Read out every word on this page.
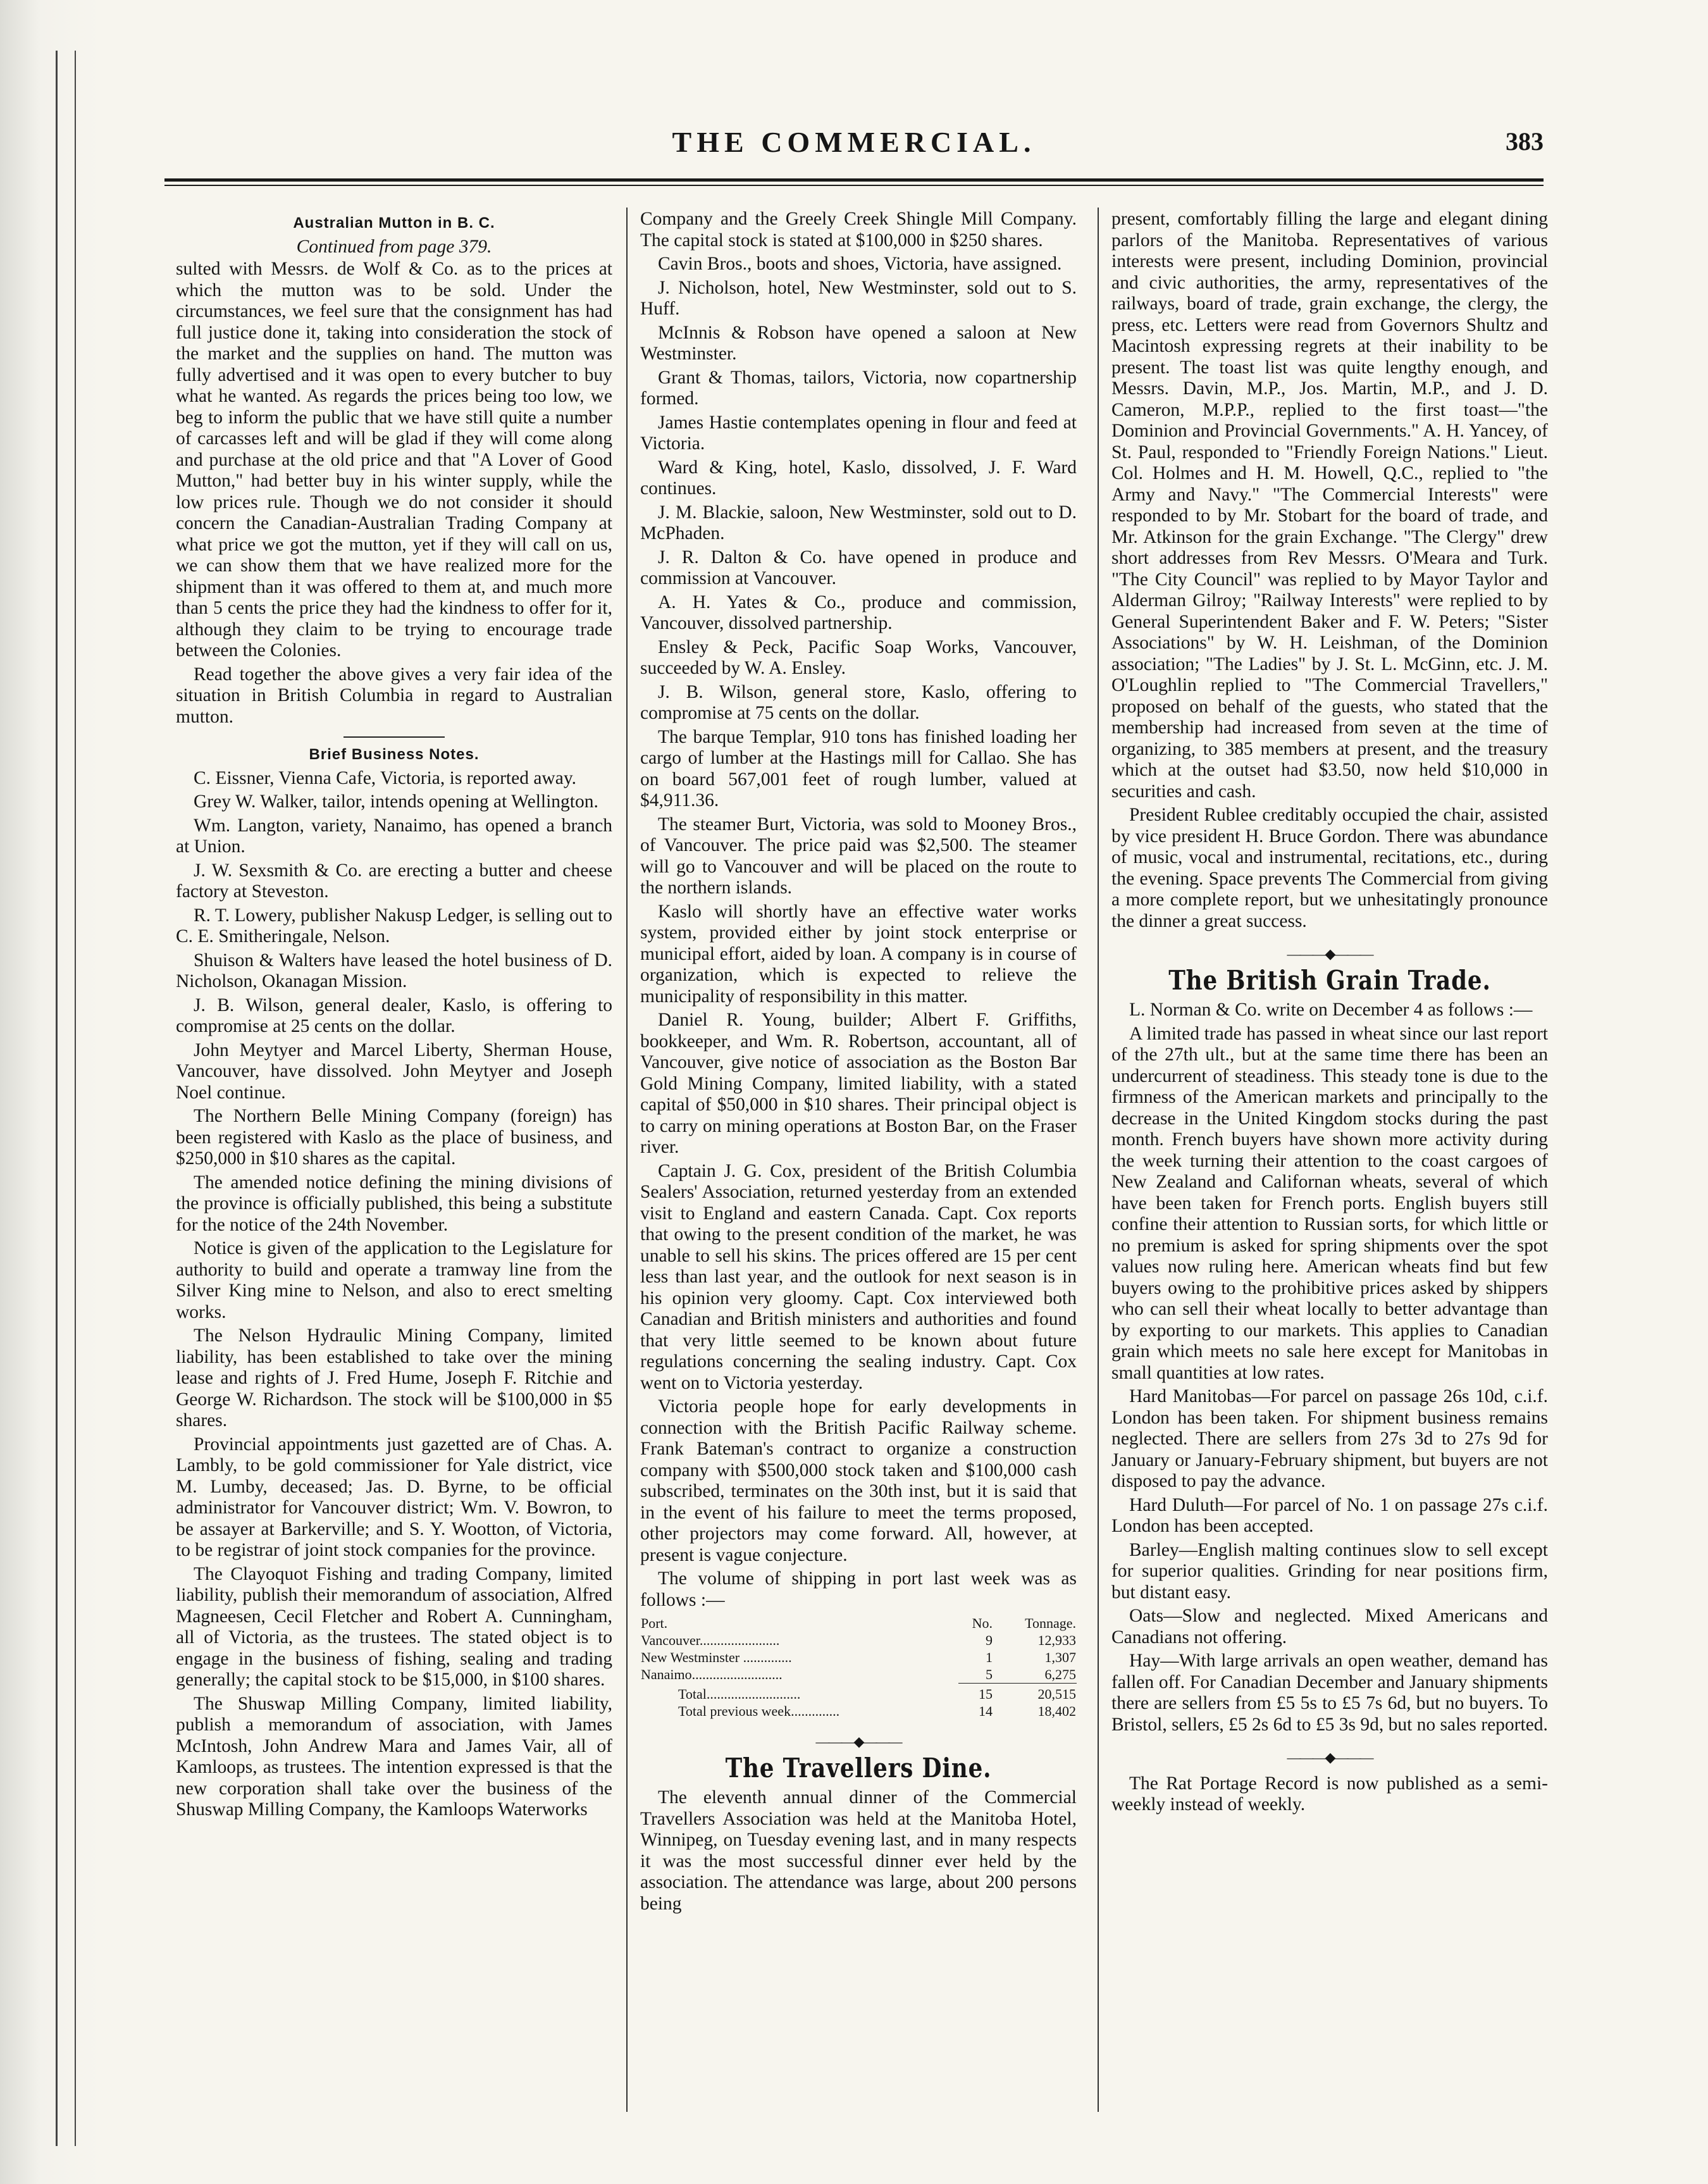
THE COMMERCIAL.	383
Australian Mutton in B. C.
Continued from page 379.

sulted with Messrs. de Wolf & Co. as to the prices at which the mutton was to be sold. Under the circumstances, we feel sure that the consignment has had full justice done it, taking into consideration the stock of the market and the supplies on hand. The mutton was fully advertised and it was open to every butcher to buy what he wanted. As regards the prices being too low, we beg to inform the public that we have still quite a number of carcasses left and will be glad if they will come along and purchase at the old price and that "A Lover of Good Mutton," had better buy in his winter supply, while the low prices rule. Though we do not consider it should concern the Canadian-Australian Trading Company at what price we got the mutton, yet if they will call on us, we can show them that we have realized more for the shipment than it was offered to them at, and much more than 5 cents the price they had the kindness to offer for it, although they claim to be trying to encourage trade between the Colonies.

Read together the above gives a very fair idea of the situation in British Columbia in regard to Australian mutton.

Brief Business Notes.

C. Eissner, Vienna Cafe, Victoria, is reported away.

Grey W. Walker, tailor, intends opening at Wellington.

Wm. Langton, variety, Nanaimo, has opened a branch at Union.

J. W. Sexsmith & Co. are erecting a butter and cheese factory at Steveston.

R. T. Lowery, publisher Nakusp Ledger, is selling out to C. E. Smitheringale, Nelson.

Shuison & Walters have leased the hotel business of D. Nicholson, Okanagan Mission.

J. B. Wilson, general dealer, Kaslo, is offering to compromise at 25 cents on the dollar.

John Meytyer and Marcel Liberty, Sherman House, Vancouver, have dissolved. John Meytyer and Joseph Noel continue.

The Northern Belle Mining Company (foreign) has been registered with Kaslo as the place of business, and $250,000 in $10 shares as the capital.

The amended notice defining the mining divisions of the province is officially published, this being a substitute for the notice of the 24th November.

Notice is given of the application to the Legislature for authority to build and operate a tramway line from the Silver King mine to Nelson, and also to erect smelting works.

The Nelson Hydraulic Mining Company, limited liability, has been established to take over the mining lease and rights of J. Fred Hume, Joseph F. Ritchie and George W. Richardson. The stock will be $100,000 in $5 shares.

Provincial appointments just gazetted are of Chas. A. Lambly, to be gold commissioner for Yale district, vice M. Lumby, deceased; Jas. D. Byrne, to be official administrator for Vancouver district; Wm. V. Bowron, to be assayer at Barkerville; and S. Y. Wootton, of Victoria, to be registrar of joint stock companies for the province.

The Clayoquot Fishing and trading Company, limited liability, publish their memorandum of association, Alfred Magneesen, Cecil Fletcher and Robert A. Cunningham, all of Victoria, as the trustees. The stated object is to engage in the business of fishing, sealing and trading generally; the capital stock to be $15,000, in $100 shares.

The Shuswap Milling Company, limited liability, publish a memorandum of association, with James McIntosh, John Andrew Mara and James Vair, all of Kamloops, as trustees. The intention expressed is that the new corporation shall take over the business of the Shuswap Milling Company, the Kamloops Waterworks

Company and the Greely Creek Shingle Mill Company. The capital stock is stated at $100,000 in $250 shares.

Cavin Bros., boots and shoes, Victoria, have assigned.

J. Nicholson, hotel, New Westminster, sold out to S. Huff.

McInnis & Robson have opened a saloon at New Westminster.

Grant & Thomas, tailors, Victoria, now copartnership formed.

James Hastie contemplates opening in flour and feed at Victoria.

Ward & King, hotel, Kaslo, dissolved, J. F. Ward continues.

J. M. Blackie, saloon, New Westminster, sold out to D. McPhaden.

J. R. Dalton & Co. have opened in produce and commission at Vancouver.

A. H. Yates & Co., produce and commission, Vancouver, dissolved partnership.

Ensley & Peck, Pacific Soap Works, Vancouver, succeeded by W. A. Ensley.

J. B. Wilson, general store, Kaslo, offering to compromise at 75 cents on the dollar.

The barque Templar, 910 tons has finished loading her cargo of lumber at the Hastings mill for Callao. She has on board 567,001 feet of rough lumber, valued at $4,911.36.

The steamer Burt, Victoria, was sold to Mooney Bros., of Vancouver. The price paid was $2,500. The steamer will go to Vancouver and will be placed on the route to the northern islands.

Kaslo will shortly have an effective water works system, provided either by joint stock enterprise or municipal effort, aided by loan. A company is in course of organization, which is expected to relieve the municipality of responsibility in this matter.

Daniel R. Young, builder; Albert F. Griffiths, bookkeeper, and Wm. R. Robertson, accountant, all of Vancouver, give notice of association as the Boston Bar Gold Mining Company, limited liability, with a stated capital of $50,000 in $10 shares. Their principal object is to carry on mining operations at Boston Bar, on the Fraser river.

Captain J. G. Cox, president of the British Columbia Sealers' Association, returned yesterday from an extended visit to England and eastern Canada. Capt. Cox reports that owing to the present condition of the market, he was unable to sell his skins. The prices offered are 15 per cent less than last year, and the outlook for next season is in his opinion very gloomy. Capt. Cox interviewed both Canadian and British ministers and authorities and found that very little seemed to be known about future regulations concerning the sealing industry. Capt. Cox went on to Victoria yesterday.

Victoria people hope for early developments in connection with the British Pacific Railway scheme. Frank Bateman's contract to organize a construction company with $500,000 stock taken and $100,000 cash subscribed, terminates on the 30th inst, but it is said that in the event of his failure to meet the terms proposed, other projectors may come forward. All, however, at present is vague conjecture.

The volume of shipping in port last week was as follows :—

Port.	No.	Tonnage.
Vancouver.......................	9	12,933
New Westminster ..............	1	1,307
Nanaimo..........................	5	6,275
Total...........................	15	20,515
Total previous week..............	14	18,402
———◆———
The Travellers Dine.

The eleventh annual dinner of the Commercial Travellers Association was held at the Manitoba Hotel, Winnipeg, on Tuesday evening last, and in many respects it was the most successful dinner ever held by the association. The attendance was large, about 200 persons being

present, comfortably filling the large and elegant dining parlors of the Manitoba. Representatives of various interests were present, including Dominion, provincial and civic authorities, the army, representatives of the railways, board of trade, grain exchange, the clergy, the press, etc. Letters were read from Governors Shultz and Macintosh expressing regrets at their inability to be present. The toast list was quite lengthy enough, and Messrs. Davin, M.P., Jos. Martin, M.P., and J. D. Cameron, M.P.P., replied to the first toast—"the Dominion and Provincial Governments." A. H. Yancey, of St. Paul, responded to "Friendly Foreign Nations." Lieut. Col. Holmes and H. M. Howell, Q.C., replied to "the Army and Navy." "The Commercial Interests" were responded to by Mr. Stobart for the board of trade, and Mr. Atkinson for the grain Exchange. "The Clergy" drew short addresses from Rev Messrs. O'Meara and Turk. "The City Council" was replied to by Mayor Taylor and Alderman Gilroy; "Railway Interests" were replied to by General Superintendent Baker and F. W. Peters; "Sister Associations" by W. H. Leishman, of the Dominion association; "The Ladies" by J. St. L. McGinn, etc. J. M. O'Loughlin replied to "The Commercial Travellers," proposed on behalf of the guests, who stated that the membership had increased from seven at the time of organizing, to 385 members at present, and the treasury which at the outset had $3.50, now held $10,000 in securities and cash.

President Rublee creditably occupied the chair, assisted by vice president H. Bruce Gordon. There was abundance of music, vocal and instrumental, recitations, etc., during the evening. Space prevents The Commercial from giving a more complete report, but we unhesitatingly pronounce the dinner a great success.

———◆———
The British Grain Trade.

L. Norman & Co. write on December 4 as follows :—

A limited trade has passed in wheat since our last report of the 27th ult., but at the same time there has been an undercurrent of steadiness. This steady tone is due to the firmness of the American markets and principally to the decrease in the United Kingdom stocks during the past month. French buyers have shown more activity during the week turning their attention to the coast cargoes of New Zealand and Californan wheats, several of which have been taken for French ports. English buyers still confine their attention to Russian sorts, for which little or no premium is asked for spring shipments over the spot values now ruling here. American wheats find but few buyers owing to the prohibitive prices asked by shippers who can sell their wheat locally to better advantage than by exporting to our markets. This applies to Canadian grain which meets no sale here except for Manitobas in small quantities at low rates.

Hard Manitobas—For parcel on passage 26s 10d, c.i.f. London has been taken. For shipment business remains neglected. There are sellers from 27s 3d to 27s 9d for January or January-February shipment, but buyers are not disposed to pay the advance.

Hard Duluth—For parcel of No. 1 on passage 27s c.i.f. London has been accepted.

Barley—English malting continues slow to sell except for superior qualities. Grinding for near positions firm, but distant easy.

Oats—Slow and neglected. Mixed Americans and Canadians not offering.

Hay—With large arrivals an open weather, demand has fallen off. For Canadian December and January shipments there are sellers from £5 5s to £5 7s 6d, but no buyers. To Bristol, sellers, £5 2s 6d to £5 3s 9d, but no sales reported.

———◆———

The Rat Portage Record is now published as a semi-weekly instead of weekly.
